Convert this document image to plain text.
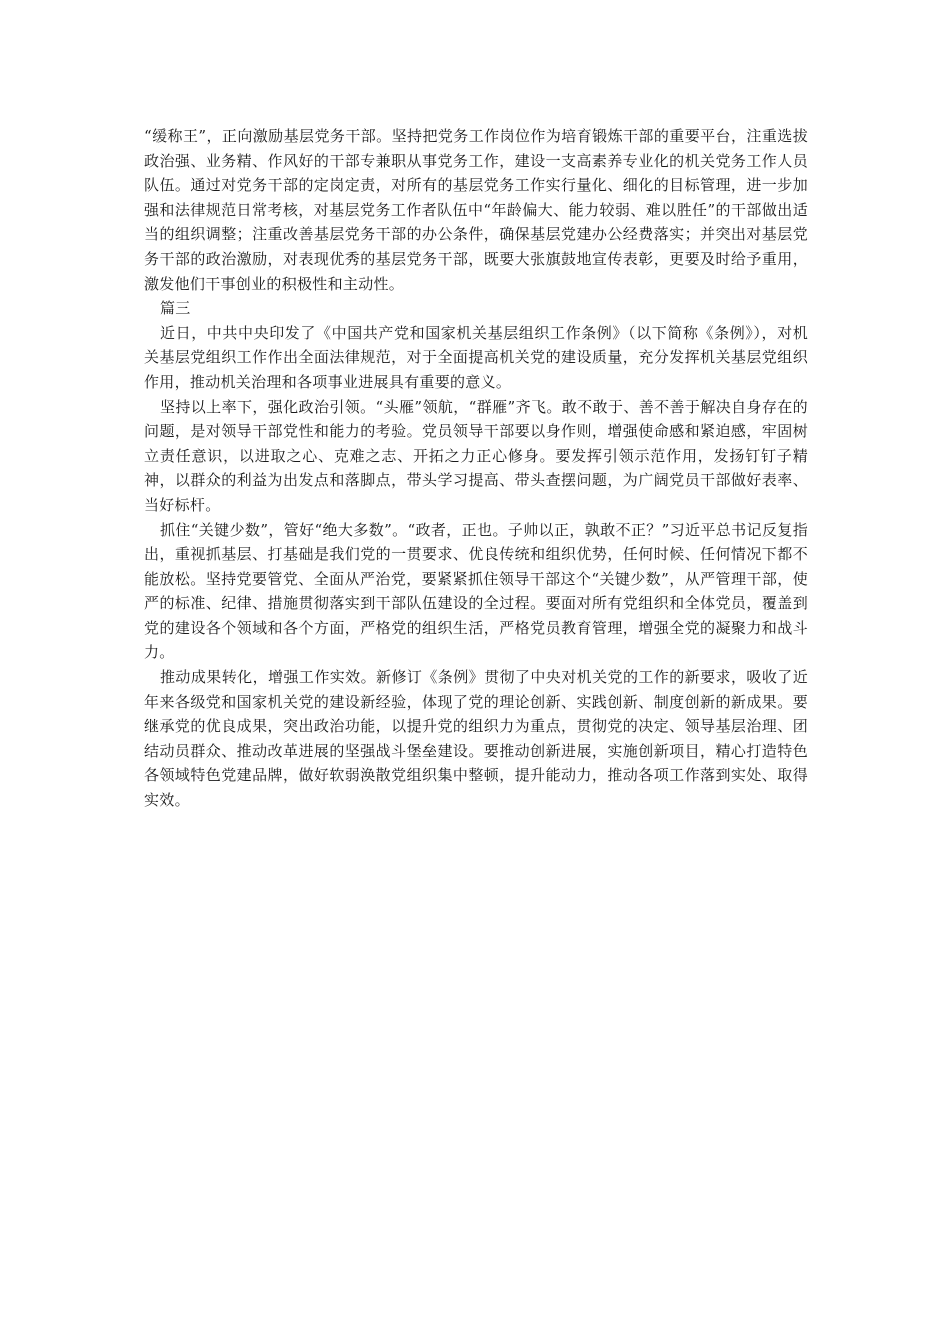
“缓称王”，正向激励基层党务干部。坚持把党务工作岗位作为培育锻炼干部的重要平台，注重选拔政治强、业务精、作风好的干部专兼职从事党务工作，建设一支高素养专业化的机关党务工作人员队伍。通过对党务干部的定岗定责，对所有的基层党务工作实行量化、细化的目标管理，进一步加强和法律规范日常考核，对基层党务工作者队伍中“年龄偏大、能力较弱、难以胜任”的干部做出适当的组织调整；注重改善基层党务干部的办公条件，确保基层党建办公经费落实；并突出对基层党务干部的政治激励，对表现优秀的基层党务干部，既要大张旗鼓地宣传表彰，更要及时给予重用，激发他们干事创业的积极性和主动性。

篇三

近日，中共中央印发了《中国共产党和国家机关基层组织工作条例》（以下简称《条例》），对机关基层党组织工作作出全面法律规范，对于全面提高机关党的建设质量，充分发挥机关基层党组织作用，推动机关治理和各项事业进展具有重要的意义。

坚持以上率下，强化政治引领。“头雁”领航，“群雁”齐飞。敢不敢于、善不善于解决自身存在的问题，是对领导干部党性和能力的考验。党员领导干部要以身作则，增强使命感和紧迫感，牢固树立责任意识，以进取之心、克难之志、开拓之力正心修身。要发挥引领示范作用，发扬钉钉子精神，以群众的利益为出发点和落脚点，带头学习提高、带头查摆问题，为广阔党员干部做好表率、当好标杆。

抓住“关键少数”，管好“绝大多数”。“政者，正也。子帅以正，孰敢不正？”习近平总书记反复指出，重视抓基层、打基础是我们党的一贯要求、优良传统和组织优势，任何时候、任何情况下都不能放松。坚持党要管党、全面从严治党，要紧紧抓住领导干部这个“关键少数”，从严管理干部，使严的标准、纪律、措施贯彻落实到干部队伍建设的全过程。要面对所有党组织和全体党员，覆盖到党的建设各个领域和各个方面，严格党的组织生活，严格党员教育管理，增强全党的凝聚力和战斗力。

推动成果转化，增强工作实效。新修订《条例》贯彻了中央对机关党的工作的新要求，吸收了近年来各级党和国家机关党的建设新经验，体现了党的理论创新、实践创新、制度创新的新成果。要继承党的优良成果，突出政治功能，以提升党的组织力为重点，贯彻党的决定、领导基层治理、团结动员群众、推动改革进展的坚强战斗堡垒建设。要推动创新进展，实施创新项目，精心打造特色各领域特色党建品牌，做好软弱涣散党组织集中整顿，提升能动力，推动各项工作落到实处、取得实效。
